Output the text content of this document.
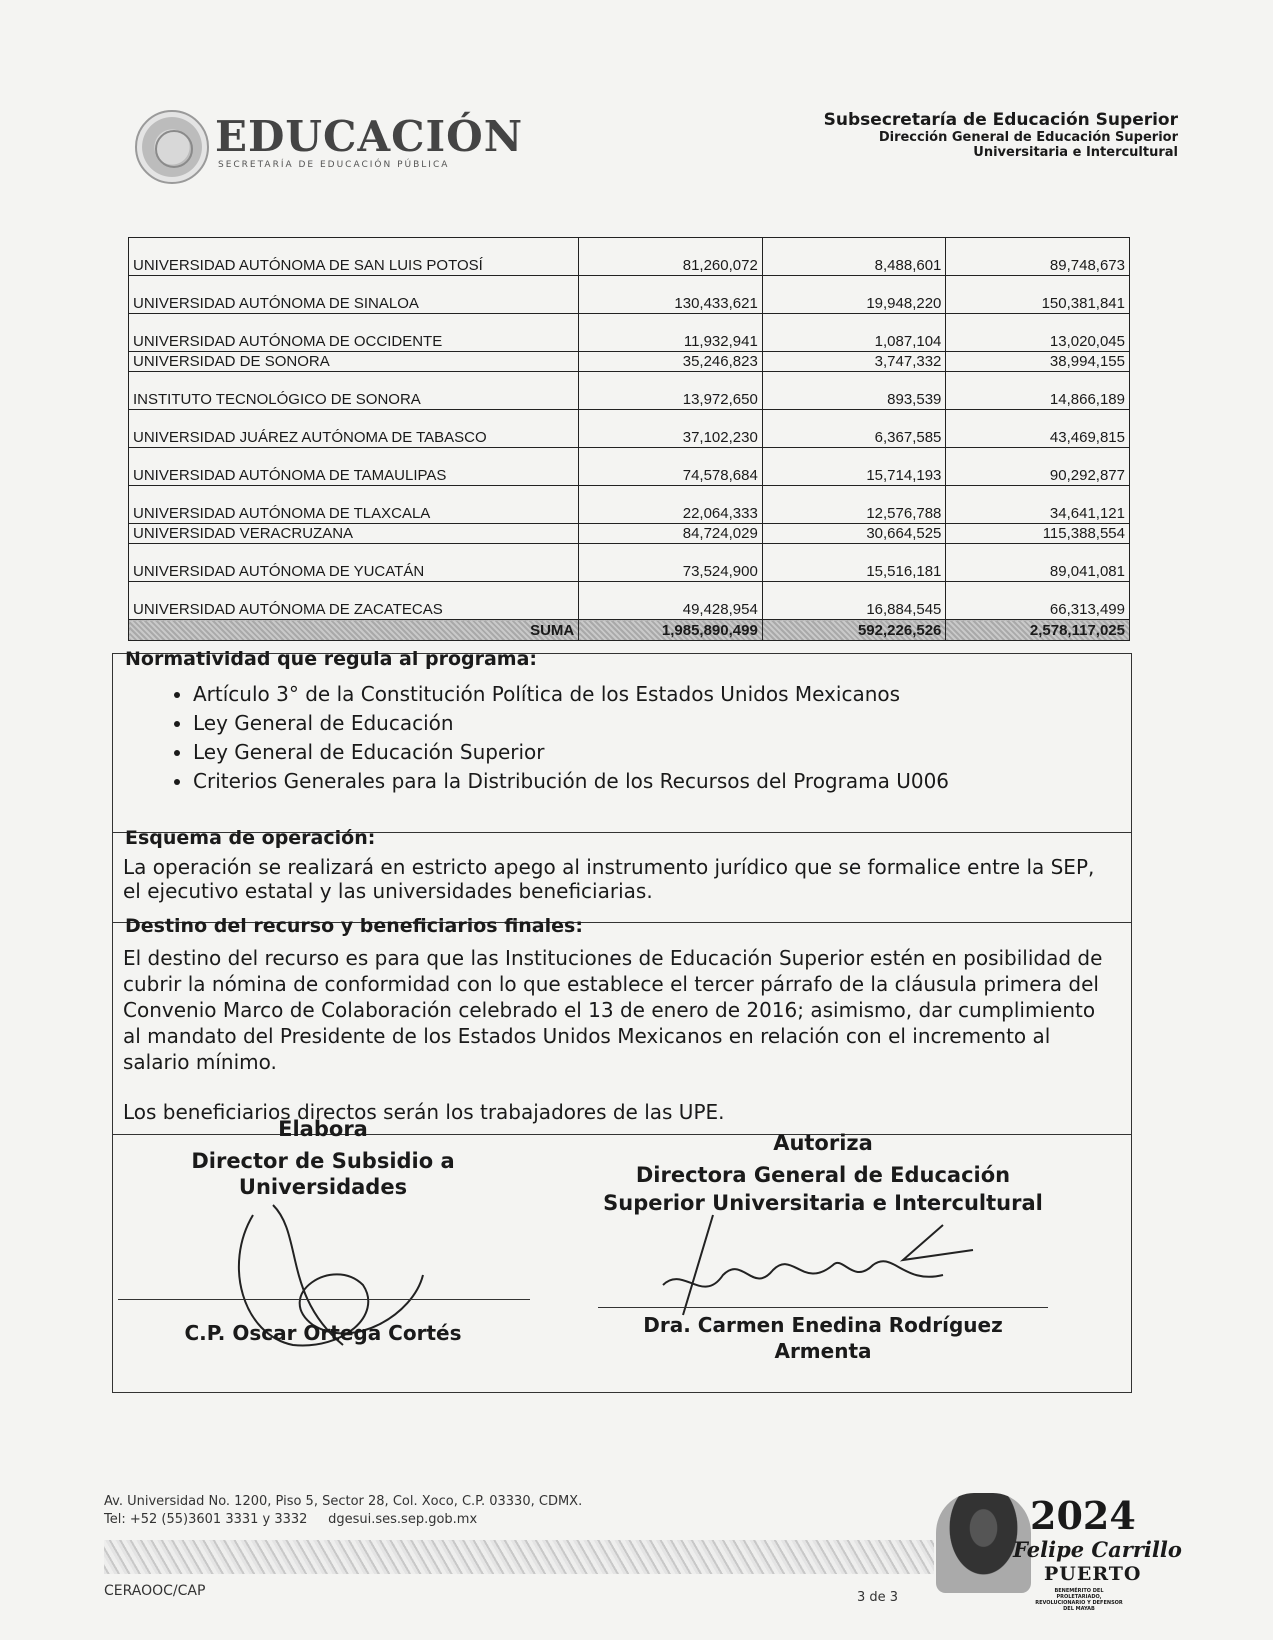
EDUCACIÓN
SECRETARÍA DE EDUCACIÓN PÚBLICA
Subsecretaría de Educación Superior
Dirección General de Educación Superior
Universitaria e Intercultural
UNIVERSIDAD AUTÓNOMA DE SAN LUIS POTOSÍ	81,260,072	8,488,601	89,748,673
UNIVERSIDAD AUTÓNOMA DE SINALOA	130,433,621	19,948,220	150,381,841
UNIVERSIDAD AUTÓNOMA DE OCCIDENTE	11,932,941	1,087,104	13,020,045
UNIVERSIDAD DE SONORA	35,246,823	3,747,332	38,994,155
INSTITUTO TECNOLÓGICO DE SONORA	13,972,650	893,539	14,866,189
UNIVERSIDAD JUÁREZ AUTÓNOMA DE TABASCO	37,102,230	6,367,585	43,469,815
UNIVERSIDAD AUTÓNOMA DE TAMAULIPAS	74,578,684	15,714,193	90,292,877
UNIVERSIDAD AUTÓNOMA DE TLAXCALA	22,064,333	12,576,788	34,641,121
UNIVERSIDAD VERACRUZANA	84,724,029	30,664,525	115,388,554
UNIVERSIDAD AUTÓNOMA DE YUCATÁN	73,524,900	15,516,181	89,041,081
UNIVERSIDAD AUTÓNOMA DE ZACATECAS	49,428,954	16,884,545	66,313,499
SUMA	1,985,890,499	592,226,526	2,578,117,025
Normatividad que regula al programa:
• Artículo 3° de la Constitución Política de los Estados Unidos Mexicanos
• Ley General de Educación
• Ley General de Educación Superior
• Criterios Generales para la Distribución de los Recursos del Programa U006
Esquema de operación:
La operación se realizará en estricto apego al instrumento jurídico que se formalice entre la SEP, el ejecutivo estatal y las universidades beneficiarias.
Destino del recurso y beneficiarios finales:
El destino del recurso es para que las Instituciones de Educación Superior estén en posibilidad de cubrir la nómina de conformidad con lo que establece el tercer párrafo de la cláusula primera del Convenio Marco de Colaboración celebrado el 13 de enero de 2016; asimismo, dar cumplimiento al mandato del Presidente de los Estados Unidos Mexicanos en relación con el incremento al salario mínimo.
Los beneficiarios directos serán los trabajadores de las UPE.
Elabora
Director de Subsidio a
Universidades
C.P. Oscar Ortega Cortés
Autoriza
Directora General de Educación
Superior Universitaria e Intercultural
Dra. Carmen Enedina Rodríguez
Armenta
Av. Universidad No. 1200, Piso 5, Sector 28, Col. Xoco, C.P. 03330, CDMX.
Tel: +52 (55)3601 3331 y 3332 dgesui.ses.sep.gob.mx
CERAOOC/CAP	3 de 3
2024
Felipe Carrillo
PUERTO
BENEMÉRITO DEL PROLETARIADO, REVOLUCIONARIO Y DEFENSOR DEL MAYAB
